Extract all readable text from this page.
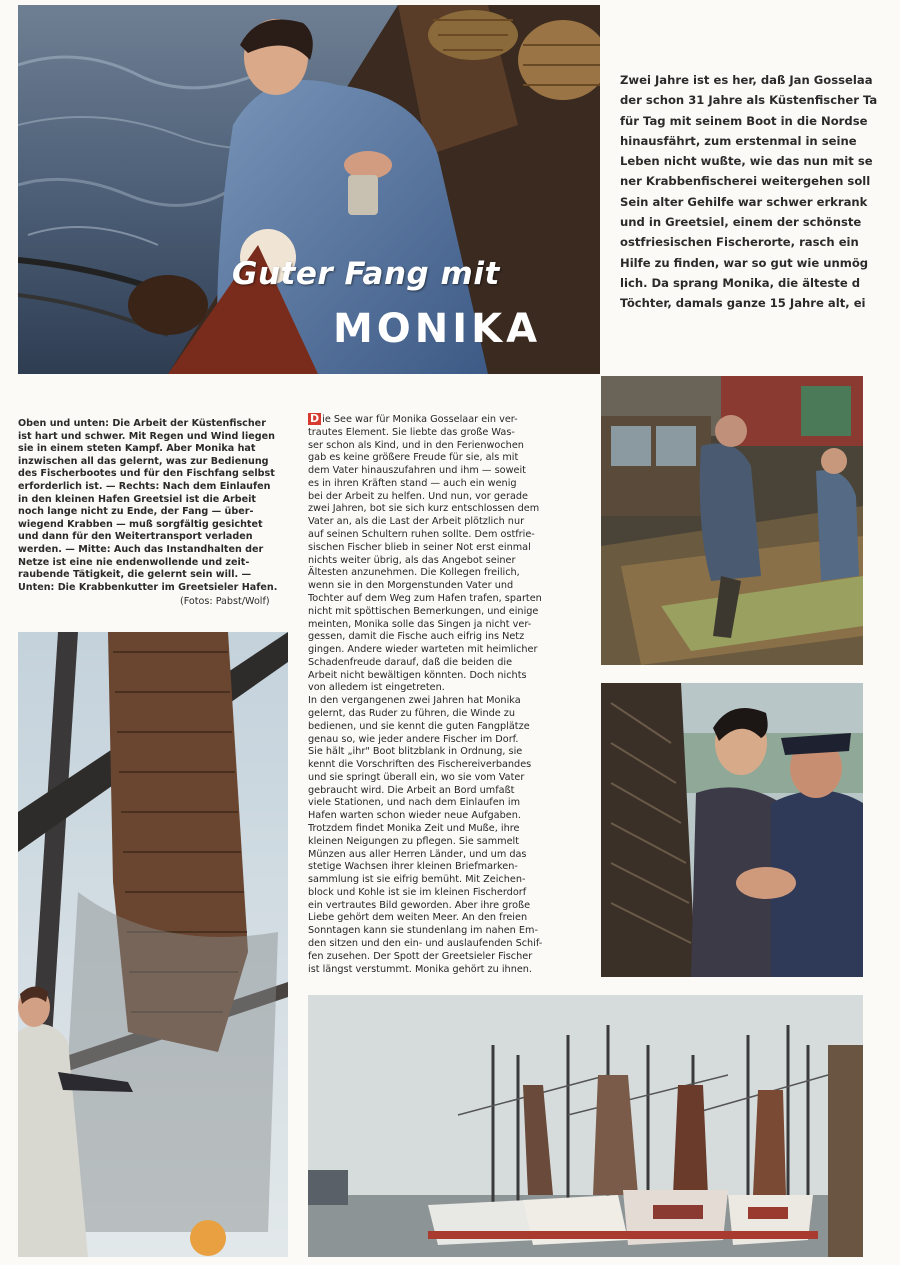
Guter Fang mit
MONIKA
Zwei Jahre ist es her, daß Jan Gosselaa
der schon 31 Jahre als Küstenfischer Ta
für Tag mit seinem Boot in die Nordse
hinausfährt, zum erstenmal in seine
Leben nicht wußte, wie das nun mit se
ner Krabbenfischerei weitergehen soll
Sein alter Gehilfe war schwer erkrank
und in Greetsiel, einem der schönste
ostfriesischen Fischerorte, rasch ein
Hilfe zu finden, war so gut wie unmög
lich. Da sprang Monika, die älteste d
Töchter, damals ganze 15 Jahre alt, ei
Oben und unten: Die Arbeit der Küstenfischer
ist hart und schwer. Mit Regen und Wind liegen
sie in einem steten Kampf. Aber Monika hat
inzwischen all das gelernt, was zur Bedienung
des Fischerbootes und für den Fischfang selbst
erforderlich ist. — Rechts: Nach dem Einlaufen
in den kleinen Hafen Greetsiel ist die Arbeit
noch lange nicht zu Ende, der Fang — über-
wiegend Krabben — muß sorgfältig gesichtet
und dann für den Weitertransport verladen
werden. — Mitte: Auch das Instandhalten der
Netze ist eine nie endenwollende und zeit-
raubende Tätigkeit, die gelernt sein will. —
Unten: Die Krabbenkutter im Greetsieler Hafen.
(Fotos: Pabst/Wolf)
D ie See war für Monika Gosselaar ein ver-
trautes Element. Sie liebte das große Was-
ser schon als Kind, und in den Ferienwochen
gab es keine größere Freude für sie, als mit
dem Vater hinauszufahren und ihm — soweit
es in ihren Kräften stand — auch ein wenig
bei der Arbeit zu helfen. Und nun, vor gerade
zwei Jahren, bot sie sich kurz entschlossen dem
Vater an, als die Last der Arbeit plötzlich nur
auf seinen Schultern ruhen sollte. Dem ostfrie-
sischen Fischer blieb in seiner Not erst einmal
nichts weiter übrig, als das Angebot seiner
Ältesten anzunehmen. Die Kollegen freilich,
wenn sie in den Morgenstunden Vater und
Tochter auf dem Weg zum Hafen trafen, sparten
nicht mit spöttischen Bemerkungen, und einige
meinten, Monika solle das Singen ja nicht ver-
gessen, damit die Fische auch eifrig ins Netz
gingen. Andere wieder warteten mit heimlicher
Schadenfreude darauf, daß die beiden die
Arbeit nicht bewältigen könnten. Doch nichts
von alledem ist eingetreten.
In den vergangenen zwei Jahren hat Monika
gelernt, das Ruder zu führen, die Winde zu
bedienen, und sie kennt die guten Fangplätze
genau so, wie jeder andere Fischer im Dorf.
Sie hält „ihr" Boot blitzblank in Ordnung, sie
kennt die Vorschriften des Fischereiverbandes
und sie springt überall ein, wo sie vom Vater
gebraucht wird. Die Arbeit an Bord umfaßt
viele Stationen, und nach dem Einlaufen im
Hafen warten schon wieder neue Aufgaben.
Trotzdem findet Monika Zeit und Muße, ihre
kleinen Neigungen zu pflegen. Sie sammelt
Münzen aus aller Herren Länder, und um das
stetige Wachsen ihrer kleinen Briefmarken-
sammlung ist sie eifrig bemüht. Mit Zeichen-
block und Kohle ist sie im kleinen Fischerdorf
ein vertrautes Bild geworden. Aber ihre große
Liebe gehört dem weiten Meer. An den freien
Sonntagen kann sie stundenlang im nahen Em-
den sitzen und den ein- und auslaufenden Schif-
fen zusehen. Der Spott der Greetsieler Fischer
ist längst verstummt. Monika gehört zu ihnen.
